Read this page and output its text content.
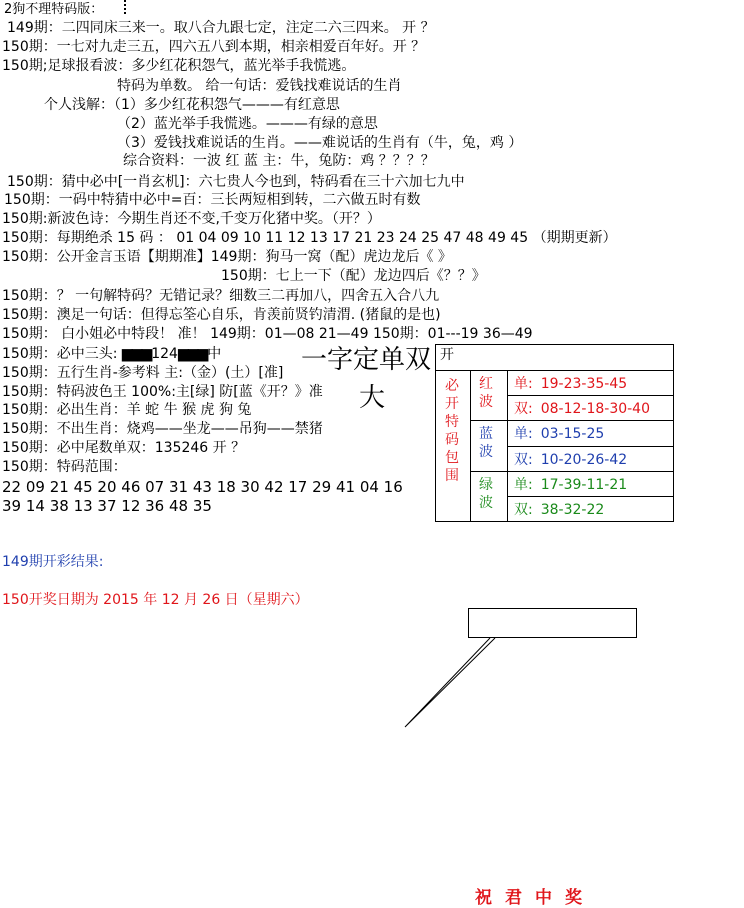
2狗不理特码版：
149期：二四同床三来一。取八合九跟七定，注定二六三四来。 开 ？
150期：一七对九走三五，四六五八到本期，相亲相爱百年好。开 ？
150期;足球报看波：多少红花积怨气，蓝光举手我慌逃。
特码为单数。 给一句话：爱钱找难说话的生肖
个人浅解：（1）多少红花积怨气———有红意思
（2）蓝光举手我慌逃。———有绿的意思
（3）爱钱找难说话的生肖。——难说话的生肖有（牛，兔，鸡 ）
综合资料：一波 红 蓝 主：牛，兔防：鸡 ？？？？
150期：猜中必中[一肖玄机]：六七贵人今也到，特码看在三十六加七九中
150期：一码中特猜中必中=百：三长两短相到转，二六做五时有数
150期:新波色诗：今期生肖还不变,千变万化猪中奖。（开？）
150期：每期绝杀 15 码 ： 01 04 09 10 11 12 13 17 21 23 24 25 47 48 49 45 （期期更新）
150期：公开金言玉语【期期准】149期：狗马一窝（配）虎边龙后《 》
150期：七上一下（配）龙边四后《？？》
150期：？ 一句解特码？无错记录？细数三二再加八，四舍五入合八九
150期：澳足一句话：但得忘筌心自乐，肯羡前贤钓清渭. (猪鼠的是也)
150期： 白小姐必中特段！ 准！ 149期：01—08 21—49 150期：01---19 36—49
150期：必中三头: ▆▆▆124▆▆▆中
150期：五行生肖-参考料 主:（金）(土）[准]
150期：特码波色王 100%:主[绿] 防[蓝《开？》准
150期：必出生肖：羊 蛇 牛 猴 虎 狗 兔
150期：不出生肖：烧鸡——坐龙——吊狗——禁猪
150期：必中尾数单双：135246 开 ？
150期：特码范围：
22 09 21 45 20 46 07 31 43 18 30 42 17 29 41 04 16
39 14 38 13 37 12 36 48 35
一字定单双
大
开
必
开
特
码
包
围
红
波
蓝
波
绿
波
单: 19-23-35-45
双: 08-12-18-30-40
单: 03-15-25
双: 10-20-26-42
单: 17-39-11-21
双: 38-32-22
149期开彩结果:
150开奖日期为 2015 年 12 月 26 日（星期六）
祝君中奖
